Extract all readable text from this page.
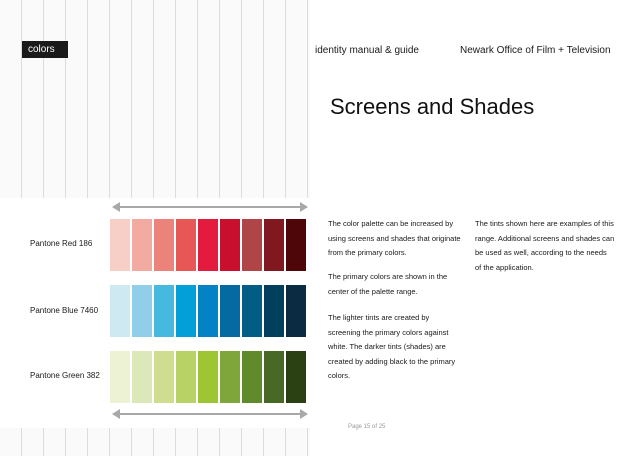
colors
Pantone Red 186
Pantone Blue 7460
Pantone Green 382
identity manual & guide	Newark Office of Film + Television
Screens and Shades

The color palette can be increased by using screens and shades that originate from the primary colors.

The primary colors are shown in the center of the palette range.

The lighter tints are created by screening the primary colors against white. The darker tints (shades) are created by adding black to the primary colors.

The tints shown here are examples of this range. Additional screens and shades can be used as well, according to the needs of the application.

Page 15 of 25
